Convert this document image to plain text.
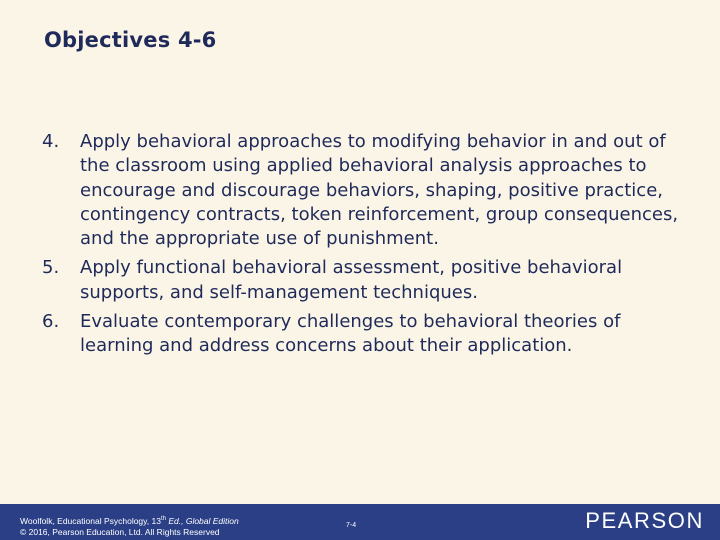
Objectives 4-6
4.	Apply behavioral approaches to modifying behavior in and out of the classroom using applied behavioral analysis approaches to encourage and discourage behaviors, shaping, positive practice, contingency contracts, token reinforcement, group consequences, and the appropriate use of punishment.
5.	Apply functional behavioral assessment, positive behavioral supports, and self-management techniques.
6.	Evaluate contemporary challenges to behavioral theories of learning and address concerns about their application.
Woolfolk, Educational Psychology, 13th Ed., Global Edition
© 2016, Pearson Education, Ltd. All Rights Reserved
7-4	PEARSON
